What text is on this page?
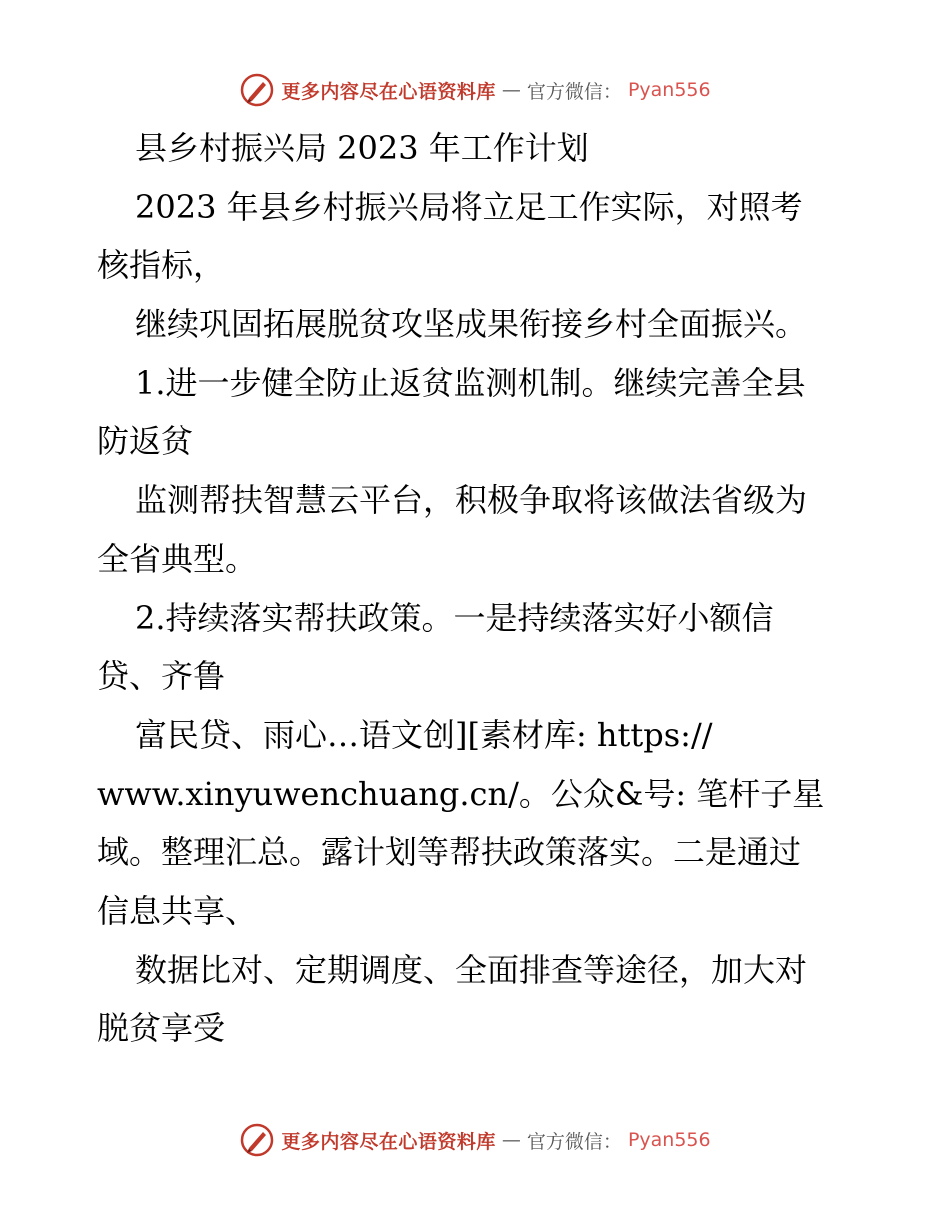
更多内容尽在心语资料库 — 官方微信： Pyan556
县乡村振兴局 2023 年工作计划
2023 年县乡村振兴局将立足工作实际，对照考
核指标，
继续巩固拓展脱贫攻坚成果衔接乡村全面振兴。
1.进一步健全防止返贫监测机制。继续完善全县
防返贫
监测帮扶智慧云平台，积极争取将该做法省级为
全省典型。
2.持续落实帮扶政策。一是持续落实好小额信
贷、齐鲁
富民贷、雨心…语文创][素材库: https://
www.xinyuwenchuang.cn/。公众&号: 笔杆子星
域。整理汇总。露计划等帮扶政策落实。二是通过
信息共享、
数据比对、定期调度、全面排查等途径，加大对
脱贫享受
更多内容尽在心语资料库 — 官方微信： Pyan556
